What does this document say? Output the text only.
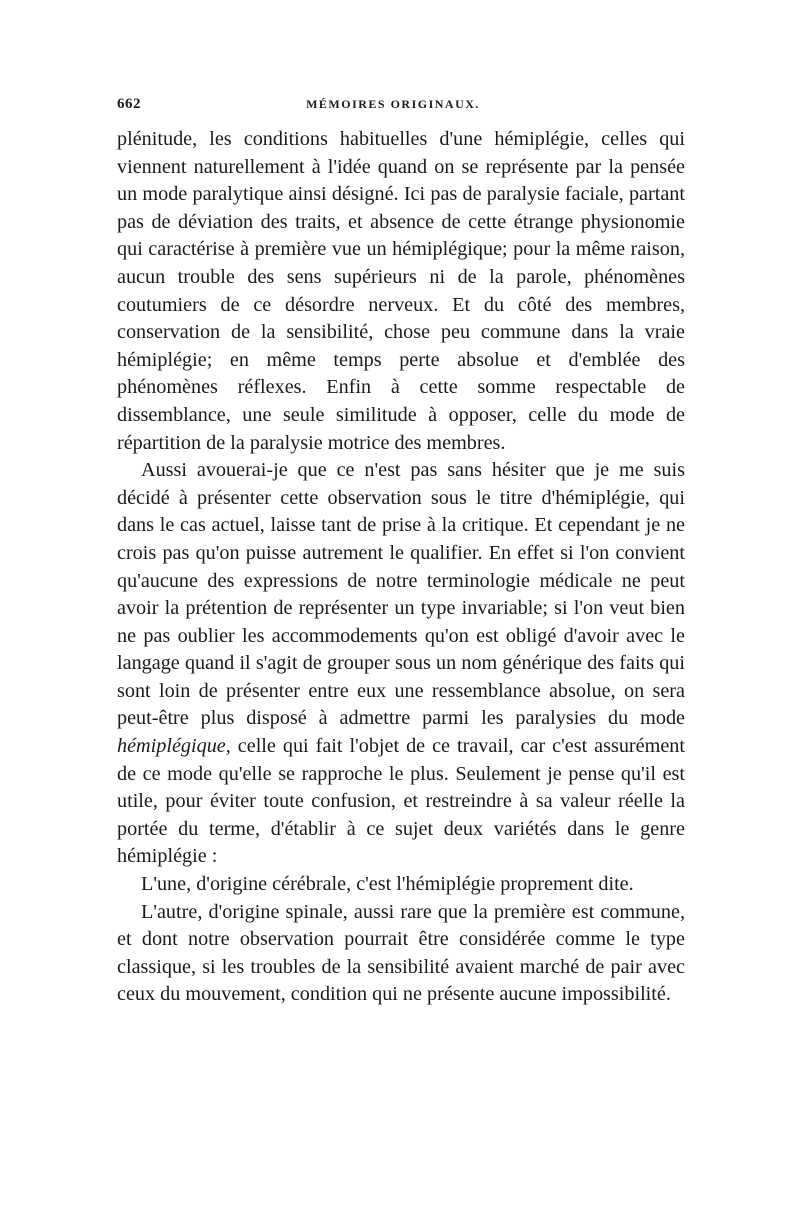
662	MÉMOIRES ORIGINAUX.

plénitude, les conditions habituelles d'une hémiplégie, celles qui viennent naturellement à l'idée quand on se représente par la pensée un mode paralytique ainsi désigné. Ici pas de paralysie faciale, partant pas de déviation des traits, et absence de cette étrange physionomie qui caractérise à première vue un hémiplégique; pour la même raison, aucun trouble des sens supérieurs ni de la parole, phénomènes coutumiers de ce désordre nerveux. Et du côté des membres, conservation de la sensibilité, chose peu commune dans la vraie hémiplégie; en même temps perte absolue et d'emblée des phénomènes réflexes. Enfin à cette somme respectable de dissemblance, une seule similitude à opposer, celle du mode de répartition de la paralysie motrice des membres.

Aussi avouerai-je que ce n'est pas sans hésiter que je me suis décidé à présenter cette observation sous le titre d'hémiplégie, qui dans le cas actuel, laisse tant de prise à la critique. Et cependant je ne crois pas qu'on puisse autrement le qualifier. En effet si l'on convient qu'aucune des expressions de notre terminologie médicale ne peut avoir la prétention de représenter un type invariable; si l'on veut bien ne pas oublier les accommodements qu'on est obligé d'avoir avec le langage quand il s'agit de grouper sous un nom générique des faits qui sont loin de présenter entre eux une ressemblance absolue, on sera peut-être plus disposé à admettre parmi les paralysies du mode hémiplégique, celle qui fait l'objet de ce travail, car c'est assurément de ce mode qu'elle se rapproche le plus. Seulement je pense qu'il est utile, pour éviter toute confusion, et restreindre à sa valeur réelle la portée du terme, d'établir à ce sujet deux variétés dans le genre hémiplégie :

L'une, d'origine cérébrale, c'est l'hémiplégie proprement dite.

L'autre, d'origine spinale, aussi rare que la première est commune, et dont notre observation pourrait être considérée comme le type classique, si les troubles de la sensibilité avaient marché de pair avec ceux du mouvement, condition qui ne présente aucune impossibilité.
